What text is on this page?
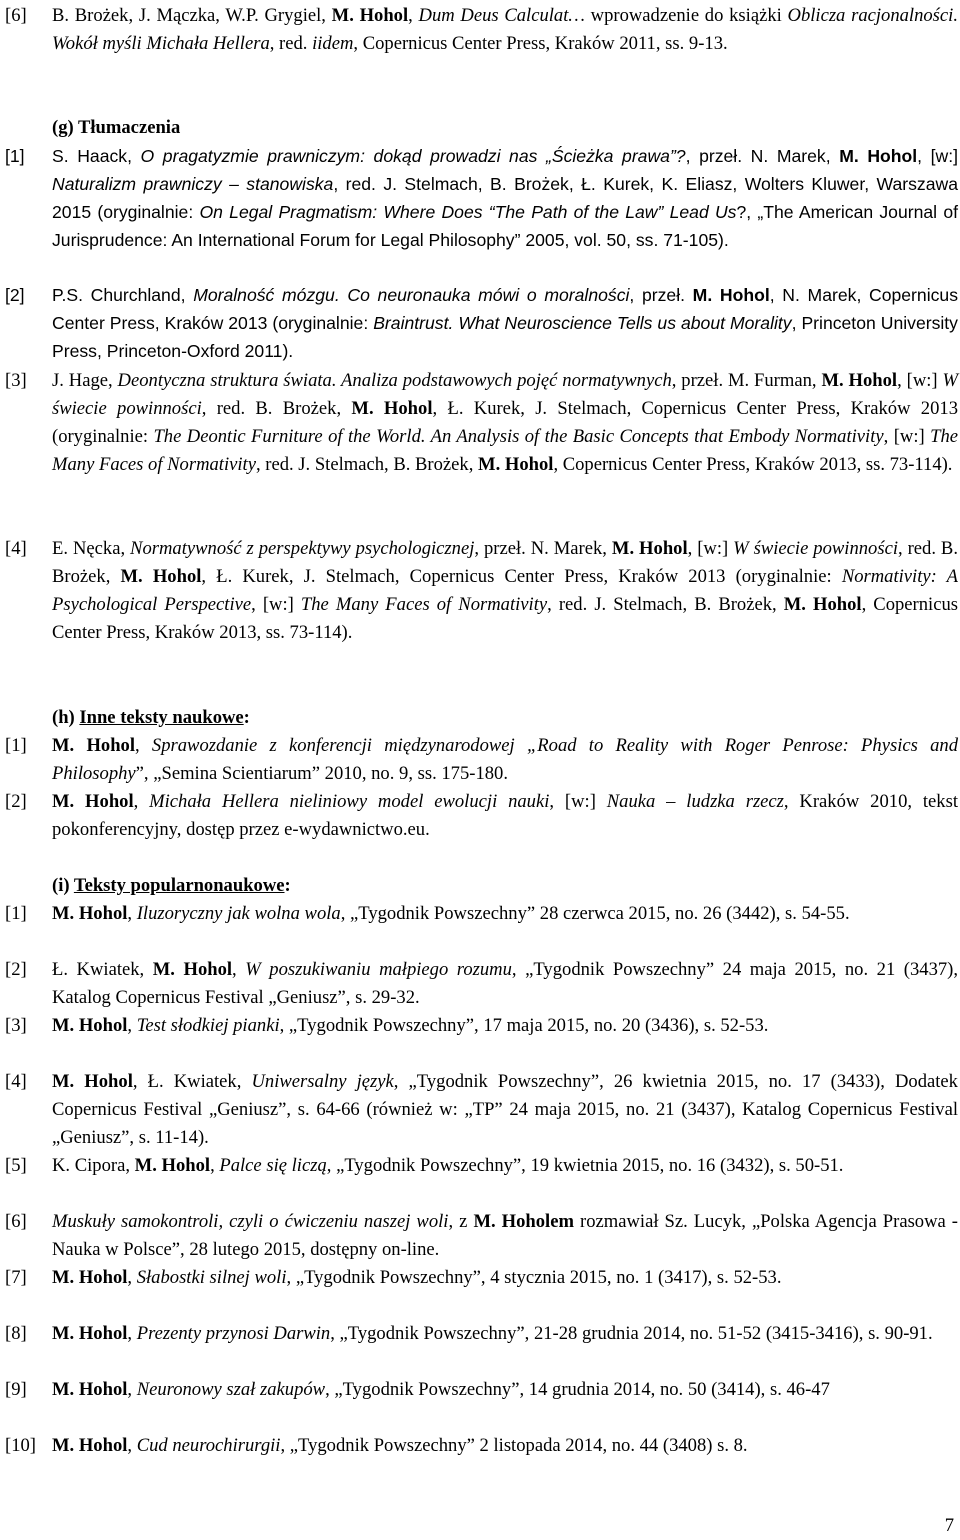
[6] B. Brożek, J. Mączka, W.P. Grygiel, M. Hohol, Dum Deus Calculat… wprowadzenie do książki Oblicza racjonalności. Wokół myśli Michała Hellera, red. iidem, Copernicus Center Press, Kraków 2011, ss. 9-13.
(g) Tłumaczenia
[1] S. Haack, O pragatyzmie prawniczym: dokąd prowadzi nas „Ścieżka prawa”?, przeł. N. Marek, M. Hohol, [w:] Naturalizm prawniczy – stanowiska, red. J. Stelmach, B. Brożek, Ł. Kurek, K. Eliasz, Wolters Kluwer, Warszawa 2015 (oryginalnie: On Legal Pragmatism: Where Does “The Path of the Law” Lead Us?, „The American Journal of Jurisprudence: An International Forum for Legal Philosophy” 2005, vol. 50, ss. 71-105).
[2] P.S. Churchland, Moralność mózgu. Co neuronauka mówi o moralności, przeł. M. Hohol, N. Marek, Copernicus Center Press, Kraków 2013 (oryginalnie: Braintrust. What Neuroscience Tells us about Morality, Princeton University Press, Princeton-Oxford 2011).
[3] J. Hage, Deontyczna struktura świata. Analiza podstawowych pojęć normatywnych, przeł. M. Furman, M. Hohol, [w:] W świecie powinności, red. B. Brożek, M. Hohol, Ł. Kurek, J. Stelmach, Copernicus Center Press, Kraków 2013 (oryginalnie: The Deontic Furniture of the World. An Analysis of the Basic Concepts that Embody Normativity, [w:] The Many Faces of Normativity, red. J. Stelmach, B. Brożek, M. Hohol, Copernicus Center Press, Kraków 2013, ss. 73-114).
[4] E. Nęcka, Normatywność z perspektywy psychologicznej, przeł. N. Marek, M. Hohol, [w:] W świecie powinności, red. B. Brożek, M. Hohol, Ł. Kurek, J. Stelmach, Copernicus Center Press, Kraków 2013 (oryginalnie: Normativity: A Psychological Perspective, [w:] The Many Faces of Normativity, red. J. Stelmach, B. Brożek, M. Hohol, Copernicus Center Press, Kraków 2013, ss. 73-114).
(h) Inne teksty naukowe:
[1] M. Hohol, Sprawozdanie z konferencji międzynarodowej „Road to Reality with Roger Penrose: Physics and Philosophy”, „Semina Scientiarum” 2010, no. 9, ss. 175-180.
[2] M. Hohol, Michała Hellera nieliniowy model ewolucji nauki, [w:] Nauka – ludzka rzecz, Kraków 2010, tekst pokonferencyjny, dostęp przez e-wydawnictwo.eu.
(i) Teksty popularnonaukowe:
[1] M. Hohol, Iluzoryczny jak wolna wola, „Tygodnik Powszechny” 28 czerwca 2015, no. 26 (3442), s. 54-55.
[2] Ł. Kwiatek, M. Hohol, W poszukiwaniu małpiego rozumu, „Tygodnik Powszechny” 24 maja 2015, no. 21 (3437), Katalog Copernicus Festival „Geniusz”, s. 29-32.
[3] M. Hohol, Test słodkiej pianki, „Tygodnik Powszechny”, 17 maja 2015, no. 20 (3436), s. 52-53.
[4] M. Hohol, Ł. Kwiatek, Uniwersalny język, „Tygodnik Powszechny”, 26 kwietnia 2015, no. 17 (3433), Dodatek Copernicus Festival „Geniusz”, s. 64-66 (również w: „TP” 24 maja 2015, no. 21 (3437), Katalog Copernicus Festival „Geniusz”, s. 11-14).
[5] K. Cipora, M. Hohol, Palce się liczą, „Tygodnik Powszechny”, 19 kwietnia 2015, no. 16 (3432), s. 50-51.
[6] Muskuły samokontroli, czyli o ćwiczeniu naszej woli, z M. Hoholem rozmawiał Sz. Lucyk, „Polska Agencja Prasowa - Nauka w Polsce”, 28 lutego 2015, dostępny on-line.
[7] M. Hohol, Słabostki silnej woli, „Tygodnik Powszechny”, 4 stycznia 2015, no. 1 (3417), s. 52-53.
[8] M. Hohol, Prezenty przynosi Darwin, „Tygodnik Powszechny”, 21-28 grudnia 2014, no. 51-52 (3415-3416), s. 90-91.
[9] M. Hohol, Neuronowy szał zakupów, „Tygodnik Powszechny”, 14 grudnia 2014, no. 50 (3414), s. 46-47
[10] M. Hohol, Cud neurochirurgii, „Tygodnik Powszechny” 2 listopada 2014, no. 44 (3408) s. 8.
7
